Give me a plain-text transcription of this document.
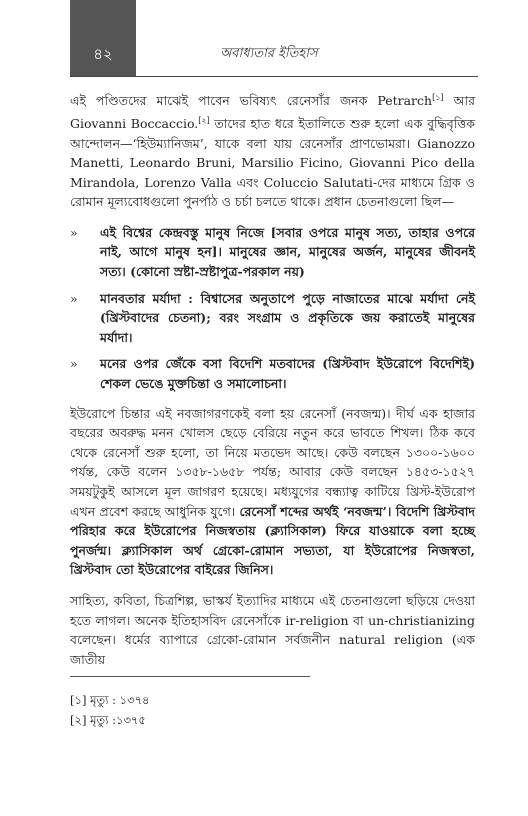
৪২	অবাধ্যতার ইতিহাস

এই পণ্ডিতদের মাঝেই পাবেন ভবিষ্যৎ রেনেসাঁর জনক Petrarch[১] আর Giovanni Boccaccio.[২] তাদের হাত ধরে ইতালিতে শুরু হলো এক বুদ্ধিবৃত্তিক আন্দোলন—‘হিউম্যানিজম’, যাকে বলা যায় রেনেসাঁর প্রাণভোমরা। Gianozzo Manetti, Leonardo Bruni, Marsilio Ficino, Giovanni Pico della Mirandola, Lorenzo Valla এবং Coluccio Salutati-দের মাধ্যমে গ্রিক ও রোমান মূল্যবোধগুলো পুনর্পাঠ ও চর্চা চলতে থাকে। প্রধান চেতনাগুলো ছিল—

» এই বিশ্বের কেন্দ্রবস্তু মানুষ নিজে [সবার ওপরে মানুষ সত্য, তাহার ওপরে নাই, আগে মানুষ হন]। মানুষের জ্ঞান, মানুষের অর্জন, মানুষের জীবনই সত্য। (কোনো স্রষ্টা-স্রষ্টাপুত্র-পরকাল নয়)
» মানবতার মর্যাদা : বিশ্বাসের অনুতাপে পুড়ে নাজাতের মাঝে মর্যাদা নেই (খ্রিস্টবাদের চেতনা); বরং সংগ্রাম ও প্রকৃতিকে জয় করাতেই মানুষের মর্যাদা।
» মনের ওপর জেঁকে বসা বিদেশি মতবাদের (খ্রিস্টবাদ ইউরোপে বিদেশিই) শেকল ভেঙে মুক্তচিন্তা ও সমালোচনা।

ইউরোপে চিন্তার এই নবজাগরণকেই বলা হয় রেনেসাঁ (নবজন্ম)। দীর্ঘ এক হাজার বছরের অবরুদ্ধ মনন খোলস ছেড়ে বেরিয়ে নতুন করে ভাবতে শিখল। ঠিক কবে থেকে রেনেসাঁ শুরু হলো, তা নিয়ে মতভেদ আছে। কেউ বলছেন ১৩০০-১৬০০ পর্যন্ত, কেউ বলেন ১৩৫৮-১৬৫৮ পর্যন্ত; আবার কেউ বলছেন ১৪৫৩-১৫২৭ সময়টুকুই আসলে মূল জাগরণ হয়েছে। মধ্যযুগের বন্ধ্যাত্ব কাটিয়ে খ্রিস্ট-ইউরোপ এখন প্রবেশ করছে আধুনিক যুগে। রেনেসাঁ শব্দের অর্থই ‘নবজন্ম’। বিদেশি খ্রিস্টবাদ পরিহার করে ইউরোপের নিজস্বতায় (ক্ল্যাসিকাল) ফিরে যাওয়াকে বলা হচ্ছে পুনর্জন্ম। ক্ল্যাসিকাল অর্থ গ্রেকো-রোমান সভ্যতা, যা ইউরোপের নিজস্বতা, খ্রিস্টবাদ তো ইউরোপের বাইরের জিনিস।

সাহিত্য, কবিতা, চিত্রশিল্প, ভাস্কর্য ইত্যাদির মাধ্যমে এই চেতনাগুলো ছড়িয়ে দেওয়া হতে লাগল। অনেক ইতিহাসবিদ রেনেসাঁকে ir-religion বা un-christianizing বলেছেন। ধর্মের ব্যাপারে গ্রেকো-রোমান সর্বজনীন natural religion (এক জাতীয়

[১] মৃত্যু : ১৩৭৪
[২] মৃত্যু :১৩৭৫
